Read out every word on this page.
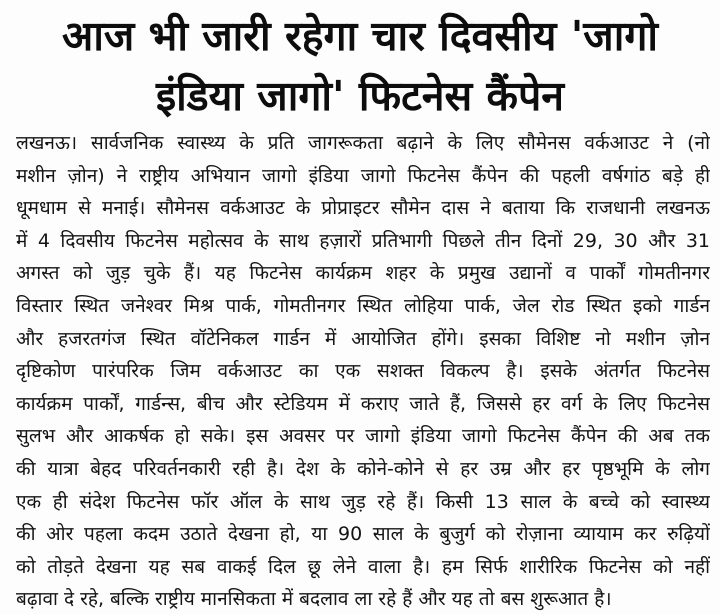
आज भी जारी रहेगा चार दिवसीय 'जागो
इंडिया जागो' फिटनेस कैंपेन
लखनऊ। सार्वजनिक स्वास्थ्य के प्रति जागरूकता बढ़ाने के लिए सौमेनस वर्कआउट ने (नो
मशीन ज़ोन) ने राष्ट्रीय अभियान जागो इंडिया जागो फिटनेस कैंपेन की पहली वर्षगांठ बड़े ही
धूमधाम से मनाई। सौमेनस वर्कआउट के प्रोप्राइटर सौमेन दास ने बताया कि राजधानी लखनऊ
में 4 दिवसीय फिटनेस महोत्सव के साथ हज़ारों प्रतिभागी पिछले तीन दिनों 29, 30 और 31
अगस्त को जुड़ चुके हैं। यह फिटनेस कार्यक्रम शहर के प्रमुख उद्यानों व पार्कों गोमतीनगर
विस्तार स्थित जनेश्वर मिश्र पार्क, गोमतीनगर स्थित लोहिया पार्क, जेल रोड स्थित इको गार्डन
और हजरतगंज स्थित वॉटेनिकल गार्डन में आयोजित होंगे। इसका विशिष्ट नो मशीन ज़ोन
दृष्टिकोण पारंपरिक जिम वर्कआउट का एक सशक्त विकल्प है। इसके अंतर्गत फिटनेस
कार्यक्रम पार्कों, गार्डन्स, बीच और स्टेडियम में कराए जाते हैं, जिससे हर वर्ग के लिए फिटनेस
सुलभ और आकर्षक हो सके। इस अवसर पर जागो इंडिया जागो फिटनेस कैंपेन की अब तक
की यात्रा बेहद परिवर्तनकारी रही है। देश के कोने-कोने से हर उम्र और हर पृष्ठभूमि के लोग
एक ही संदेश फिटनेस फॉर ऑल के साथ जुड़ रहे हैं। किसी 13 साल के बच्चे को स्वास्थ्य
की ओर पहला कदम उठाते देखना हो, या 90 साल के बुजुर्ग को रोज़ाना व्यायाम कर रुढ़ियों
को तोड़ते देखना यह सब वाकई दिल छू लेने वाला है। हम सिर्फ शारीरिक फिटनेस को नहीं
बढ़ावा दे रहे, बल्कि राष्ट्रीय मानसिकता में बदलाव ला रहे हैं और यह तो बस शुरूआत है।
